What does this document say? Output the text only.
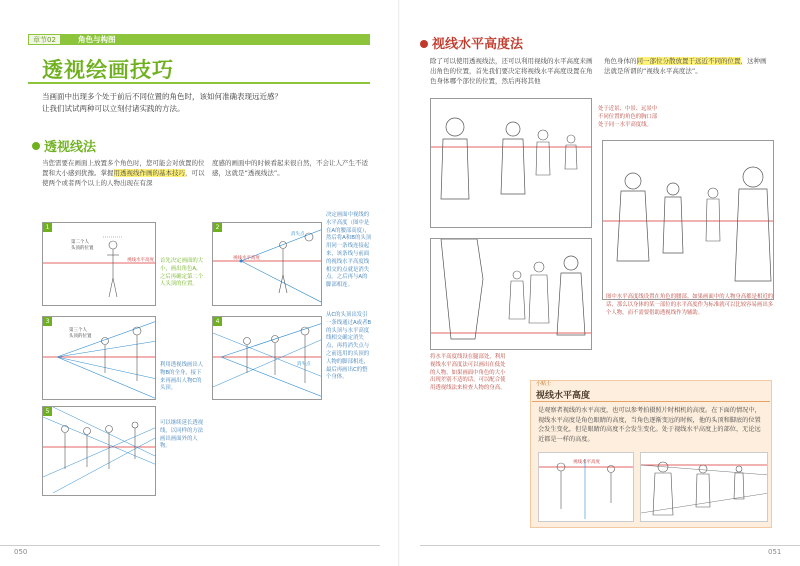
章节02	角色与构图
透视绘画技巧
当画面中出现多个处于前后不同位置的角色时，该如何准确表现远近感？
让我们试试两种可以立刻付诸实践的方法。
透视线法
当您需要在画面上放置多个角色时，您可能会对放置的位置和大小感到犹豫。掌握用透视线作画的基本技巧，可以使两个或者两个以上的人物出现在有深
度感的画面中的时候看起来很自然，不会让人产生不适感，这就是“透视线法”。
1
第二个人
头顶的位置
视线水平高度 首先决定画面的大小，画出角色A，之后再确定第二个人头顶的位置。
2
消失点
视线水平高度
决定画面中视线的水平高度（图中是在A的腰部高度），然后将A和B的头顶用同一条线连接起来，该条线与前面的视线水平高度线相交的点就是消失点。之后再与A的脚部相连。
3
第三个人
头顶的位置
利用透视线画出人物B的全身，接下来再画出人物C的头顶。
4
消失点
从C的头顶出发引一条线通过A或者B的头顶与水平高度线相交确定消失点，再将消失点与之前选用的头顶的人物的脚部相连，最后再画出C的整个身体。
5
可以继续延长透视线，以同样的方法画出画面外的人物。
050
视线水平高度法
除了可以使用透视线法，还可以利用视线的水平高度来画出角色的位置，首先我们要决定将视线水平高度设置在角色身体哪个部位的位置，然后再将其他
角色身体的同一部位分散放置于远近不同的位置，这种画法就是所谓的“视线水平高度法”。
处于近景、中景、远景中不同位置的角色的胸口部处于同一水平高度线。
图中水平高度线设置在角色的腰部。如果画面中的人物身高都是相近的话，那么以身体的某一部位的水平高度作为标准就可以比较容易画出多个人物，而不需要借助透视线作为辅助。
将水平高度线设在腿部处，利用视线水平高度法可以画出在低处的人物，如果画面中角色的大小出现差别不适的话，可以配合使用透视线法来检查人物的身高。
051
小贴士
视线水平高度
是观察者视线的水平高度，也可以参考拍摄照片时相机的高度。在下面的情况中，视线水平高度是角色眼睛的高度，当角色逐渐变远的时候，他的头顶和脚底的位置会发生变化，但是眼睛的高度不会发生变化。处于视线水平高度上的部位，无论远近都是一样的高度。
视线水平高度
